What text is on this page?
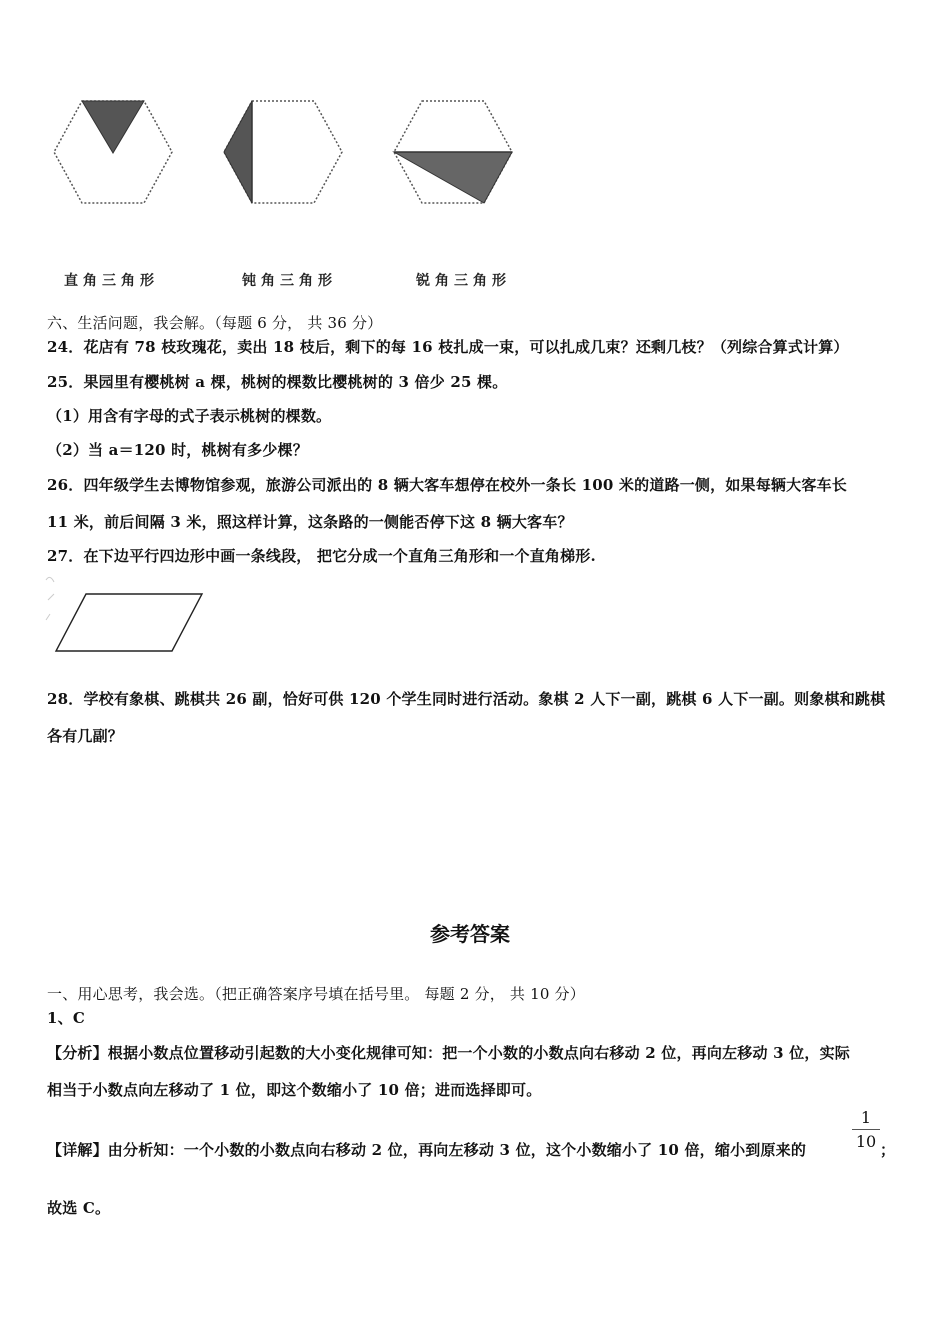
直角三角形	钝角三角形	锐角三角形
六、生活问题，我会解。（每题 6 分， 共 36 分）
24．花店有 78 枝玫瑰花，卖出 18 枝后，剩下的每 16 枝扎成一束，可以扎成几束？还剩几枝？（列综合算式计算）
25．果园里有樱桃树 a 棵，桃树的棵数比樱桃树的 3 倍少 25 棵。
（1）用含有字母的式子表示桃树的棵数。
（2）当 a＝120 时，桃树有多少棵？
26．四年级学生去博物馆参观，旅游公司派出的 8 辆大客车想停在校外一条长 100 米的道路一侧，如果每辆大客车长
11 米，前后间隔 3 米，照这样计算，这条路的一侧能否停下这 8 辆大客车？
27．在下边平行四边形中画一条线段， 把它分成一个直角三角形和一个直角梯形.
28．学校有象棋、跳棋共 26 副，恰好可供 120 个学生同时进行活动。象棋 2 人下一副，跳棋 6 人下一副。则象棋和跳棋
各有几副？
参考答案
一、用心思考，我会选。（把正确答案序号填在括号里。 每题 2 分， 共 10 分）
1、C
【分析】根据小数点位置移动引起数的大小变化规律可知：把一个小数的小数点向右移动 2 位，再向左移动 3 位，实际
相当于小数点向左移动了 1 位，即这个数缩小了 10 倍；进而选择即可。
【详解】由分析知：一个小数的小数点向右移动 2 位，再向左移动 3 位，这个小数缩小了 10 倍，缩小到原来的
1
10 ；
故选 C。
